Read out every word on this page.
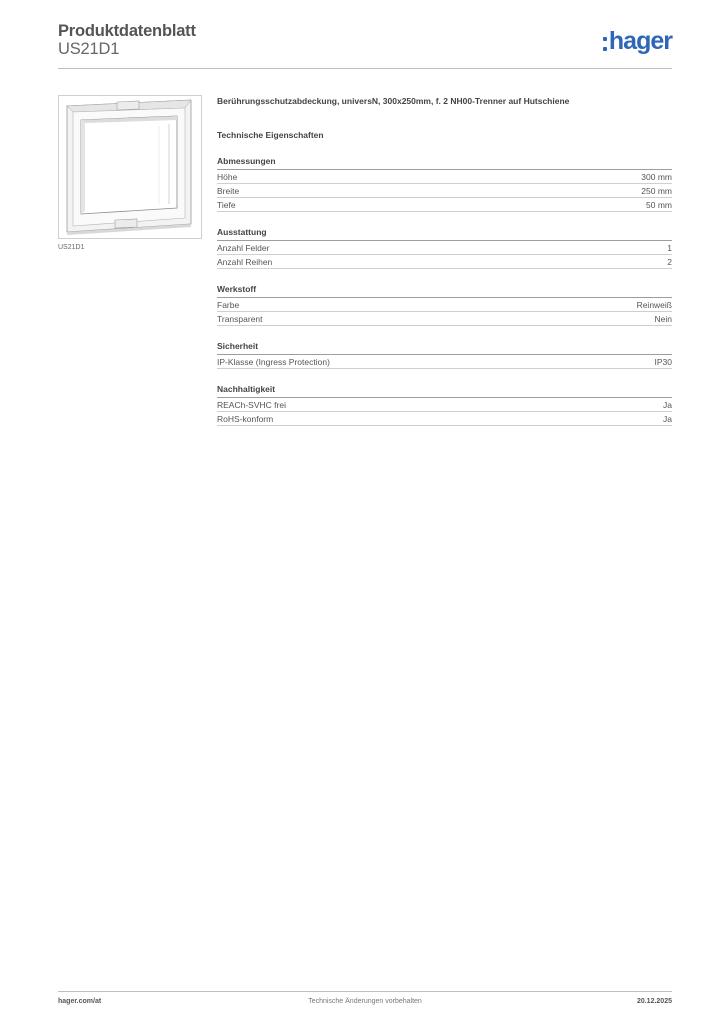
Produktdatenblatt
US21D1	hager
US21D1
Berührungsschutzabdeckung, universN, 300x250mm, f. 2 NH00-Trenner auf Hutschiene
Technische Eigenschaften
Abmessungen
Höhe	300 mm
Breite	250 mm
Tiefe	50 mm
Ausstattung
Anzahl Felder	1
Anzahl Reihen	2
Werkstoff
Farbe	Reinweiß
Transparent	Nein
Sicherheit
IP-Klasse (Ingress Protection)	IP30
Nachhaltigkeit
REACh-SVHC frei	Ja
RoHS-konform	Ja
hager.com/at	Technische Änderungen vorbehalten	20.12.2025
